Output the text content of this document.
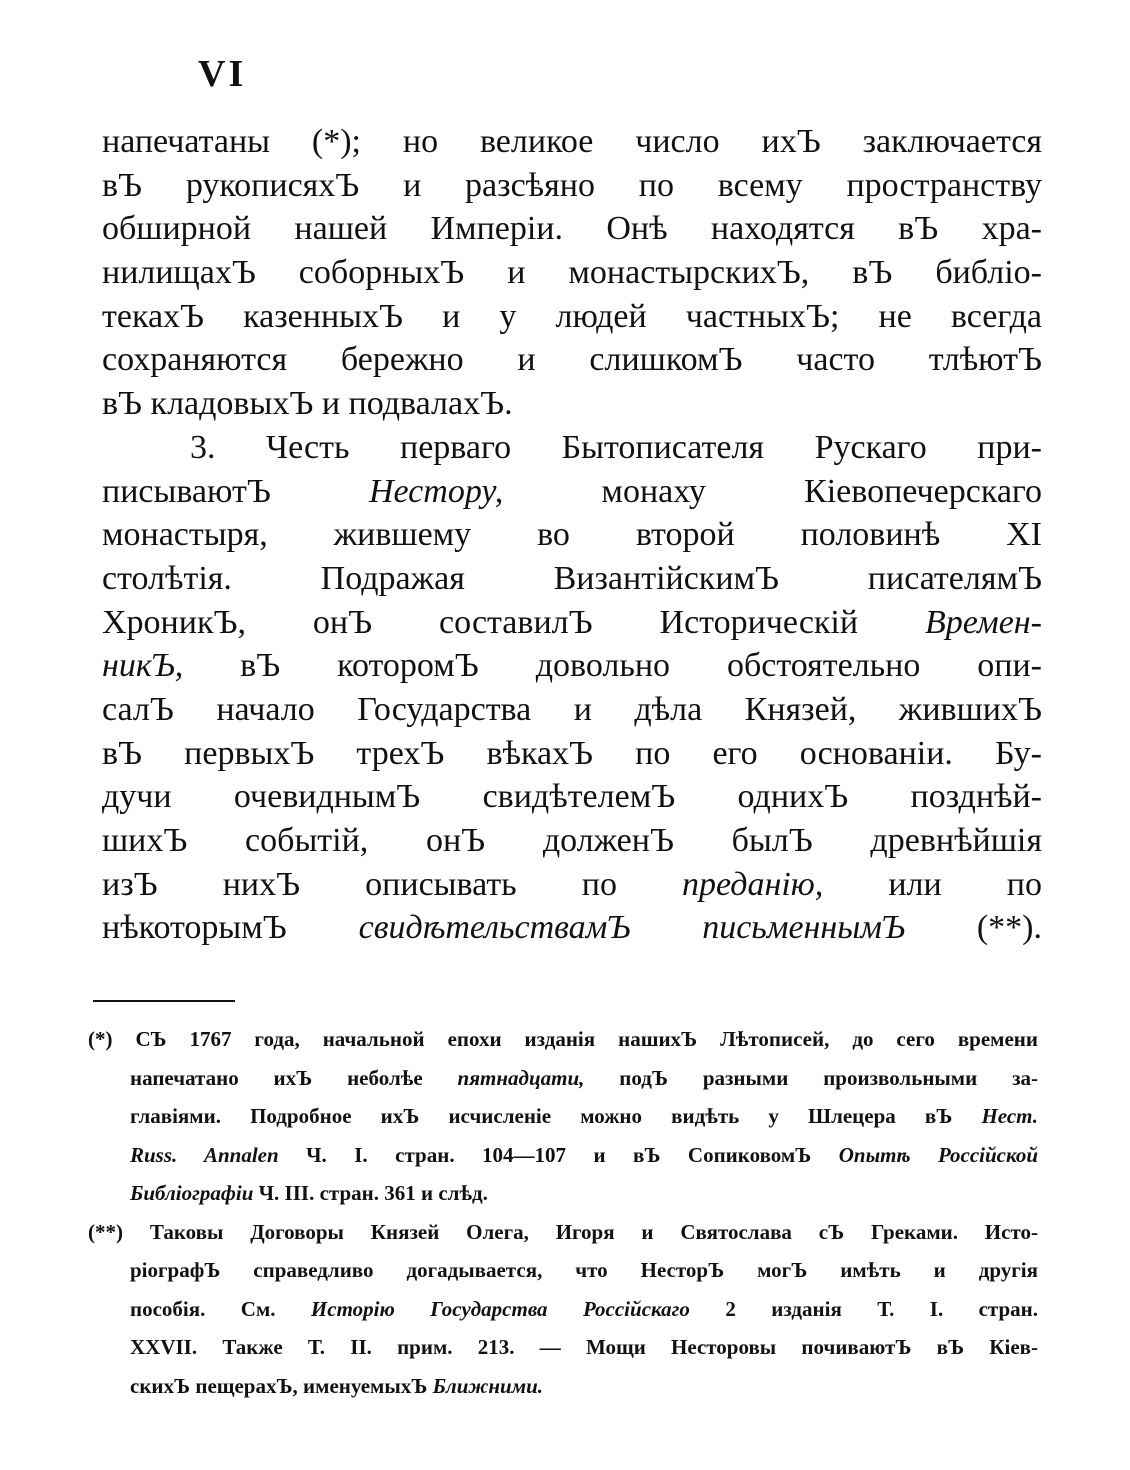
VI
напечатаны (*); но великое число ихЪ заключается
вЪ рукописяхЪ и разсѣяно по всему пространству
обширной нашей Имперіи. Онѣ находятся вЪ хра-
нилищахЪ соборныхЪ и монастырскихЪ, вЪ библіо-
текахЪ казенныхЪ и у людей частныхЪ; не всегда
сохраняются бережно и слишкомЪ часто тлѣютЪ
вЪ кладовыхЪ и подвалахЪ.
3. Честь перваго Бытописателя Рускаго при-
писываютЪ	Нестору,	монаху Кіевопечерскаго
монастыря, жившему во второй половинѣ XI
столѣтія. Подражая ВизантійскимЪ писателямЪ
ХроникЪ, онЪ составилЪ Историческій Времен-
никЪ, вЪ которомЪ довольно обстоятельно опи-
салЪ начало Государства и дѣла Князей, жившихЪ
вЪ первыхЪ трехЪ вѣкахЪ по его основаніи. Бу-
дучи очевиднымЪ свидѣтелемЪ однихЪ позднѣй-
шихЪ событій, онЪ долженЪ былЪ древнѣйшія
изЪ нихЪ описывать по преданію, или по
нѣкоторымЪ свидѣтельствамЪ письменнымЪ (**).
(*) СЪ 1767 года, начальной епохи изданія нашихЪ Лѣтописей, до сего времени
напечатано ихЪ неболѣе пятнадцати, подЪ разными произвольными за-
главіями. Подробное ихЪ исчисленіе можно видѣть у Шлецера вЪ Нест.
Russ. Annalen Ч. I. стран. 104—107 и вЪ СопиковомЪ Опытѣ Россійской
Библіографіи Ч. III. стран. 361 и слѣд.
(**) Таковы Договоры Князей Олега, Игоря и Святослава сЪ Греками. Исто-
ріографЪ справедливо догадывается, что НесторЪ могЪ имѣть и другія
пособія. См. Исторію Государства Россійскаго 2 изданія Т. I. стран.
XXVII. Также Т. II. прим. 213. — Мощи Несторовы почиваютЪ вЪ Кіев-
скихЪ пещерахЪ, именуемыхЪ Ближними.
